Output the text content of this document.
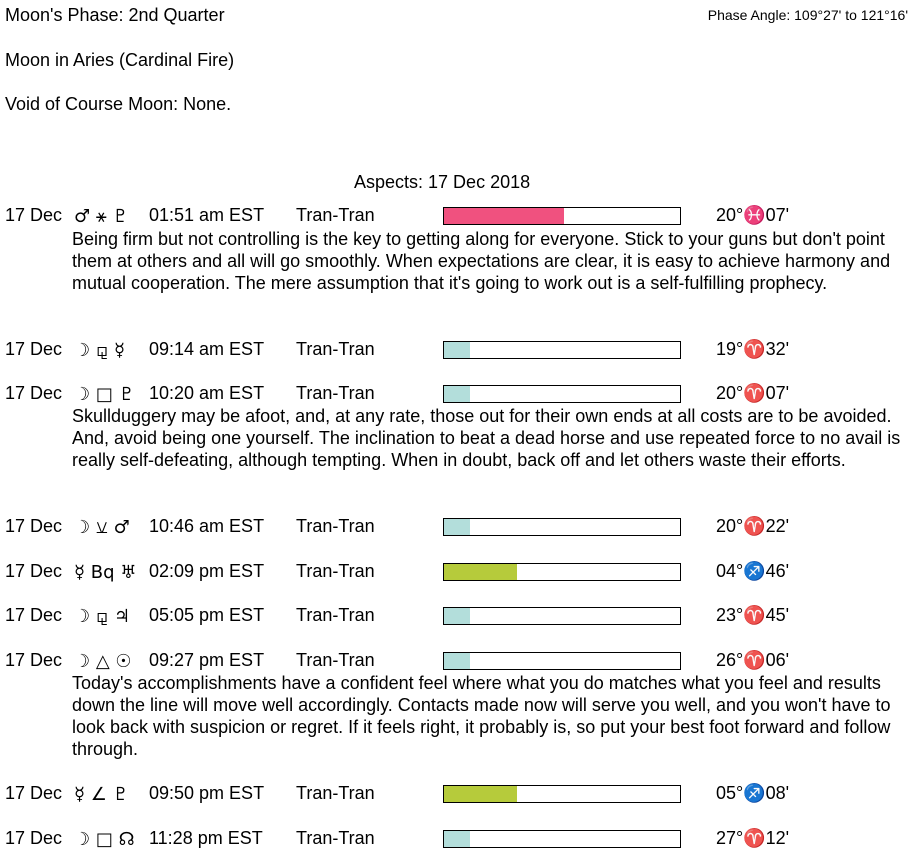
Moon's Phase: 2nd Quarter	Phase Angle: 109°27' to 121°16'
Moon in Aries (Cardinal Fire)
Void of Course Moon: None.
Aspects: 17 Dec 2018
17 Dec ♂ ⚹ ♇ 01:51 am EST Tran-Tran	20°♓07'
Being firm but not controlling is the key to getting along for everyone. Stick to your guns but don't point them at others and all will go smoothly. When expectations are clear, it is easy to achieve harmony and mutual cooperation. The mere assumption that it's going to work out is a self-fulfilling prophecy.
17 Dec ☽ ⚼ ☿ 09:14 am EST Tran-Tran	19°♈32'
17 Dec ☽ □ ♇ 10:20 am EST Tran-Tran	20°♈07'
Skullduggery may be afoot, and, at any rate, those out for their own ends at all costs are to be avoided. And, avoid being one yourself. The inclination to beat a dead horse and use repeated force to no avail is really self-defeating, although tempting. When in doubt, back off and let others waste their efforts.
17 Dec ☽ ⚺ ♂ 10:46 am EST Tran-Tran	20°♈22'
17 Dec ☿ Bq ♅ 02:09 pm EST Tran-Tran	04°♐46'
17 Dec ☽ ⚼ ♃ 05:05 pm EST Tran-Tran	23°♈45'
17 Dec ☽ △ ☉ 09:27 pm EST Tran-Tran	26°♈06'
Today's accomplishments have a confident feel where what you do matches what you feel and results down the line will move well accordingly. Contacts made now will serve you well, and you won't have to look back with suspicion or regret. If it feels right, it probably is, so put your best foot forward and follow through.
17 Dec ☿ ∠ ♇ 09:50 pm EST Tran-Tran	05°♐08'
17 Dec ☽ □ ☊ 11:28 pm EST Tran-Tran	27°♈12'
